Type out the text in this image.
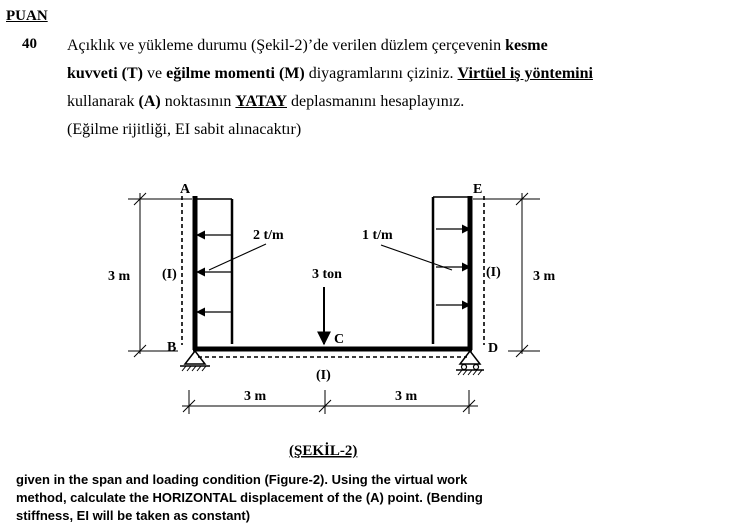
PUAN
40 Açıklık ve yükleme durumu (Şekil-2)’de verilen düzlem çerçevenin kesme
kuvveti (T) ve eğilme momenti (M) diyagramlarını çiziniz. Virtüel iş yöntemini
kullanarak (A) noktasının YATAY deplasmanını hesaplayınız.
(Eğilme rijitliği, EI sabit alınacaktır)
A
B
C
D
E
2 t/m	1 t/m
3 ton
3 m	3 m
3 m	3 m
(I)	(I)
(I)
(ŞEKİL-2)
given in the span and loading condition (Figure-2). Using the virtual work
method, calculate the HORIZONTAL displacement of the (A) point. (Bending
stiffness, EI will be taken as constant)
